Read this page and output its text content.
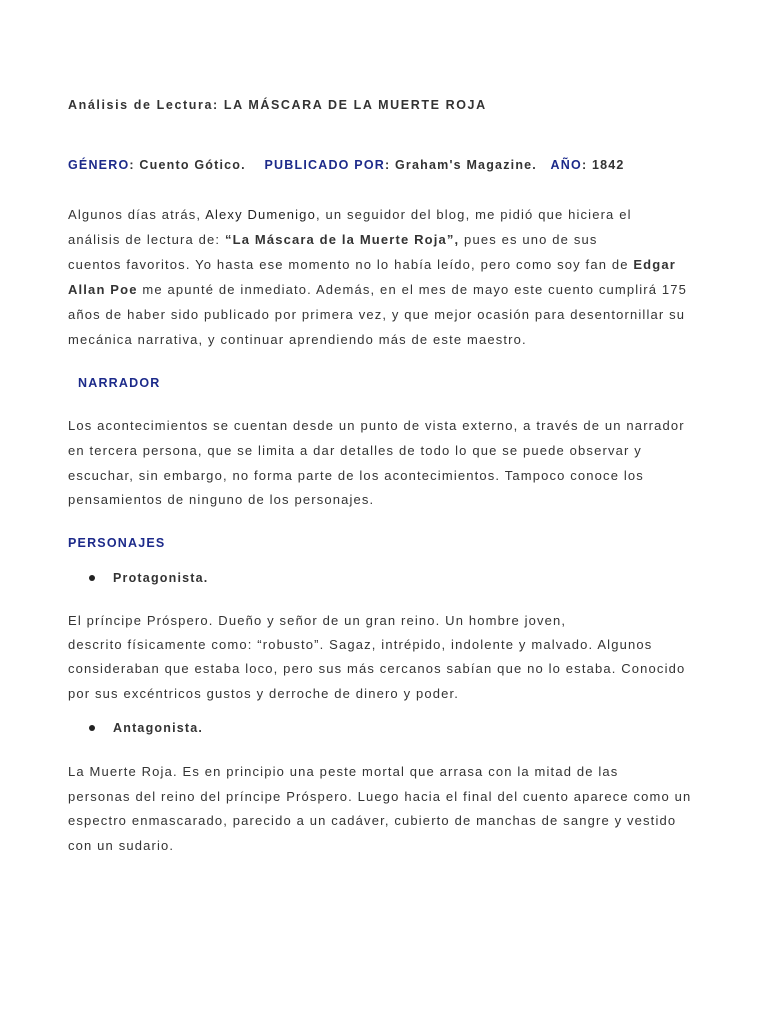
Análisis de Lectura: LA MÁSCARA DE LA MUERTE ROJA
GÉNERO: Cuento Gótico. PUBLICADO POR: Graham's Magazine. AÑO: 1842
Algunos días atrás, Alexy Dumenigo, un seguidor del blog, me pidió que hiciera el
análisis de lectura de: “La Máscara de la Muerte Roja”, pues es uno de sus
cuentos favoritos. Yo hasta ese momento no lo había leído, pero como soy fan de Edgar
Allan Poe me apunté de inmediato. Además, en el mes de mayo este cuento cumplirá 175
años de haber sido publicado por primera vez, y que mejor ocasión para desentornillar su
mecánica narrativa, y continuar aprendiendo más de este maestro.
NARRADOR
Los acontecimientos se cuentan desde un punto de vista externo, a través de un narrador
en tercera persona, que se limita a dar detalles de todo lo que se puede observar y
escuchar, sin embargo, no forma parte de los acontecimientos. Tampoco conoce los
pensamientos de ninguno de los personajes.
PERSONAJES
Protagonista.
El príncipe Próspero. Dueño y señor de un gran reino. Un hombre joven,
descrito físicamente como: “robusto”. Sagaz, intrépido, indolente y malvado. Algunos
consideraban que estaba loco, pero sus más cercanos sabían que no lo estaba. Conocido
por sus excéntricos gustos y derroche de dinero y poder.
Antagonista.
La Muerte Roja. Es en principio una peste mortal que arrasa con la mitad de las
personas del reino del príncipe Próspero. Luego hacia el final del cuento aparece como un
espectro enmascarado, parecido a un cadáver, cubierto de manchas de sangre y vestido
con un sudario.
